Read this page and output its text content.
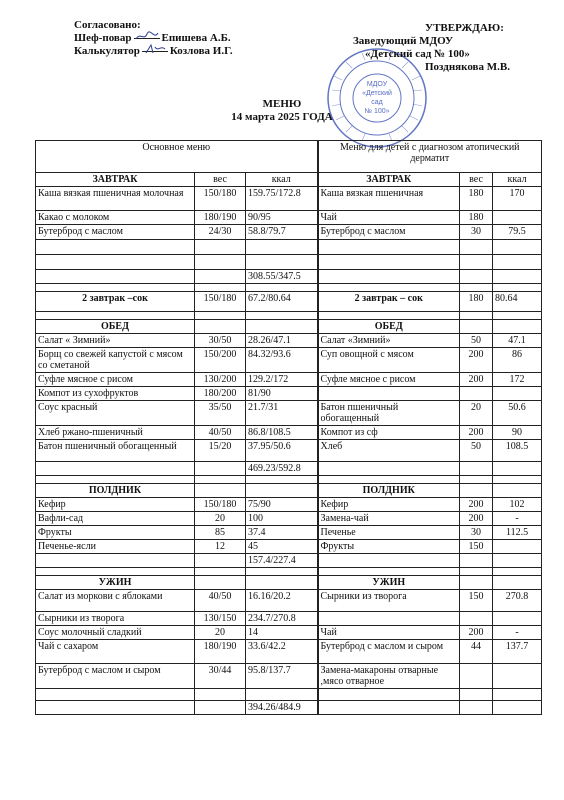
Согласовано:
Шеф-повар	Епишева А.Б.
Калькулятор	Козлова И.Г.
МДОУ
«Детский
сад
№ 100»
УТВЕРЖДАЮ:
Заведующий МДОУ
«Детский сад № 100»
Позднякова М.В.
МЕНЮ
14 марта 2025 ГОДА
Основное меню			Меню для детей с диагнозом атопический дерматит		
ЗАВТРАК	вес	ккал	ЗАВТРАК	вес	ккал
Каша вязкая пшеничная молочная	150/180	159.75/172.8	Каша вязкая пшеничная	180	170
Какао с молоком	180/190	90/95	Чай	180	
Бутерброд с маслом	24/30	58.8/79.7	Бутерброд с маслом	30	79.5

		308.55/347.5			

2 завтрак –сок	150/180	67.2/80.64	2 завтрак – сок	180	80.64

ОБЕД			ОБЕД		
Салат « Зимний»	30/50	28.26/47.1	Салат «Зимний»	50	47.1
Борщ со свежей капустой с мясом со сметаной	150/200	84.32/93.6	Суп овощной с мясом	200	86
Суфле мясное с рисом	130/200	129.2/172	Суфле мясное с рисом	200	172
Компот из сухофруктов	180/200	81/90			
Соус красный	35/50	21.7/31	Батон пшеничный обогащенный	20	50.6
Хлеб ржано-пшеничный	40/50	86.8/108.5	Компот из сф	200	90
Батон пшеничный обогащенный	15/20	37.95/50.6	Хлеб	50	108.5
		469.23/592.8			

ПОЛДНИК			ПОЛДНИК		
Кефир	150/180	75/90	Кефир	200	102
Вафли-сад	20	100	Замена-чай	200	-
Фрукты	85	37.4	Печенье	30	112.5
Печенье-ясли	12	45	Фрукты	150	
		157.4/227.4			

УЖИН			УЖИН		
Салат из моркови с яблоками	40/50	16.16/20.2	Сырники из творога	150	270.8
Сырники из творога	130/150	234.7/270.8			
Соус молочный сладкий	20	14	Чай	200	-
Чай с сахаром	180/190	33.6/42.2	Бутерброд с маслом и сыром	44	137.7
Бутерброд с маслом и сыром	30/44	95.8/137.7	Замена-макароны отварные ,мясо отварное		

		394.26/484.9			
